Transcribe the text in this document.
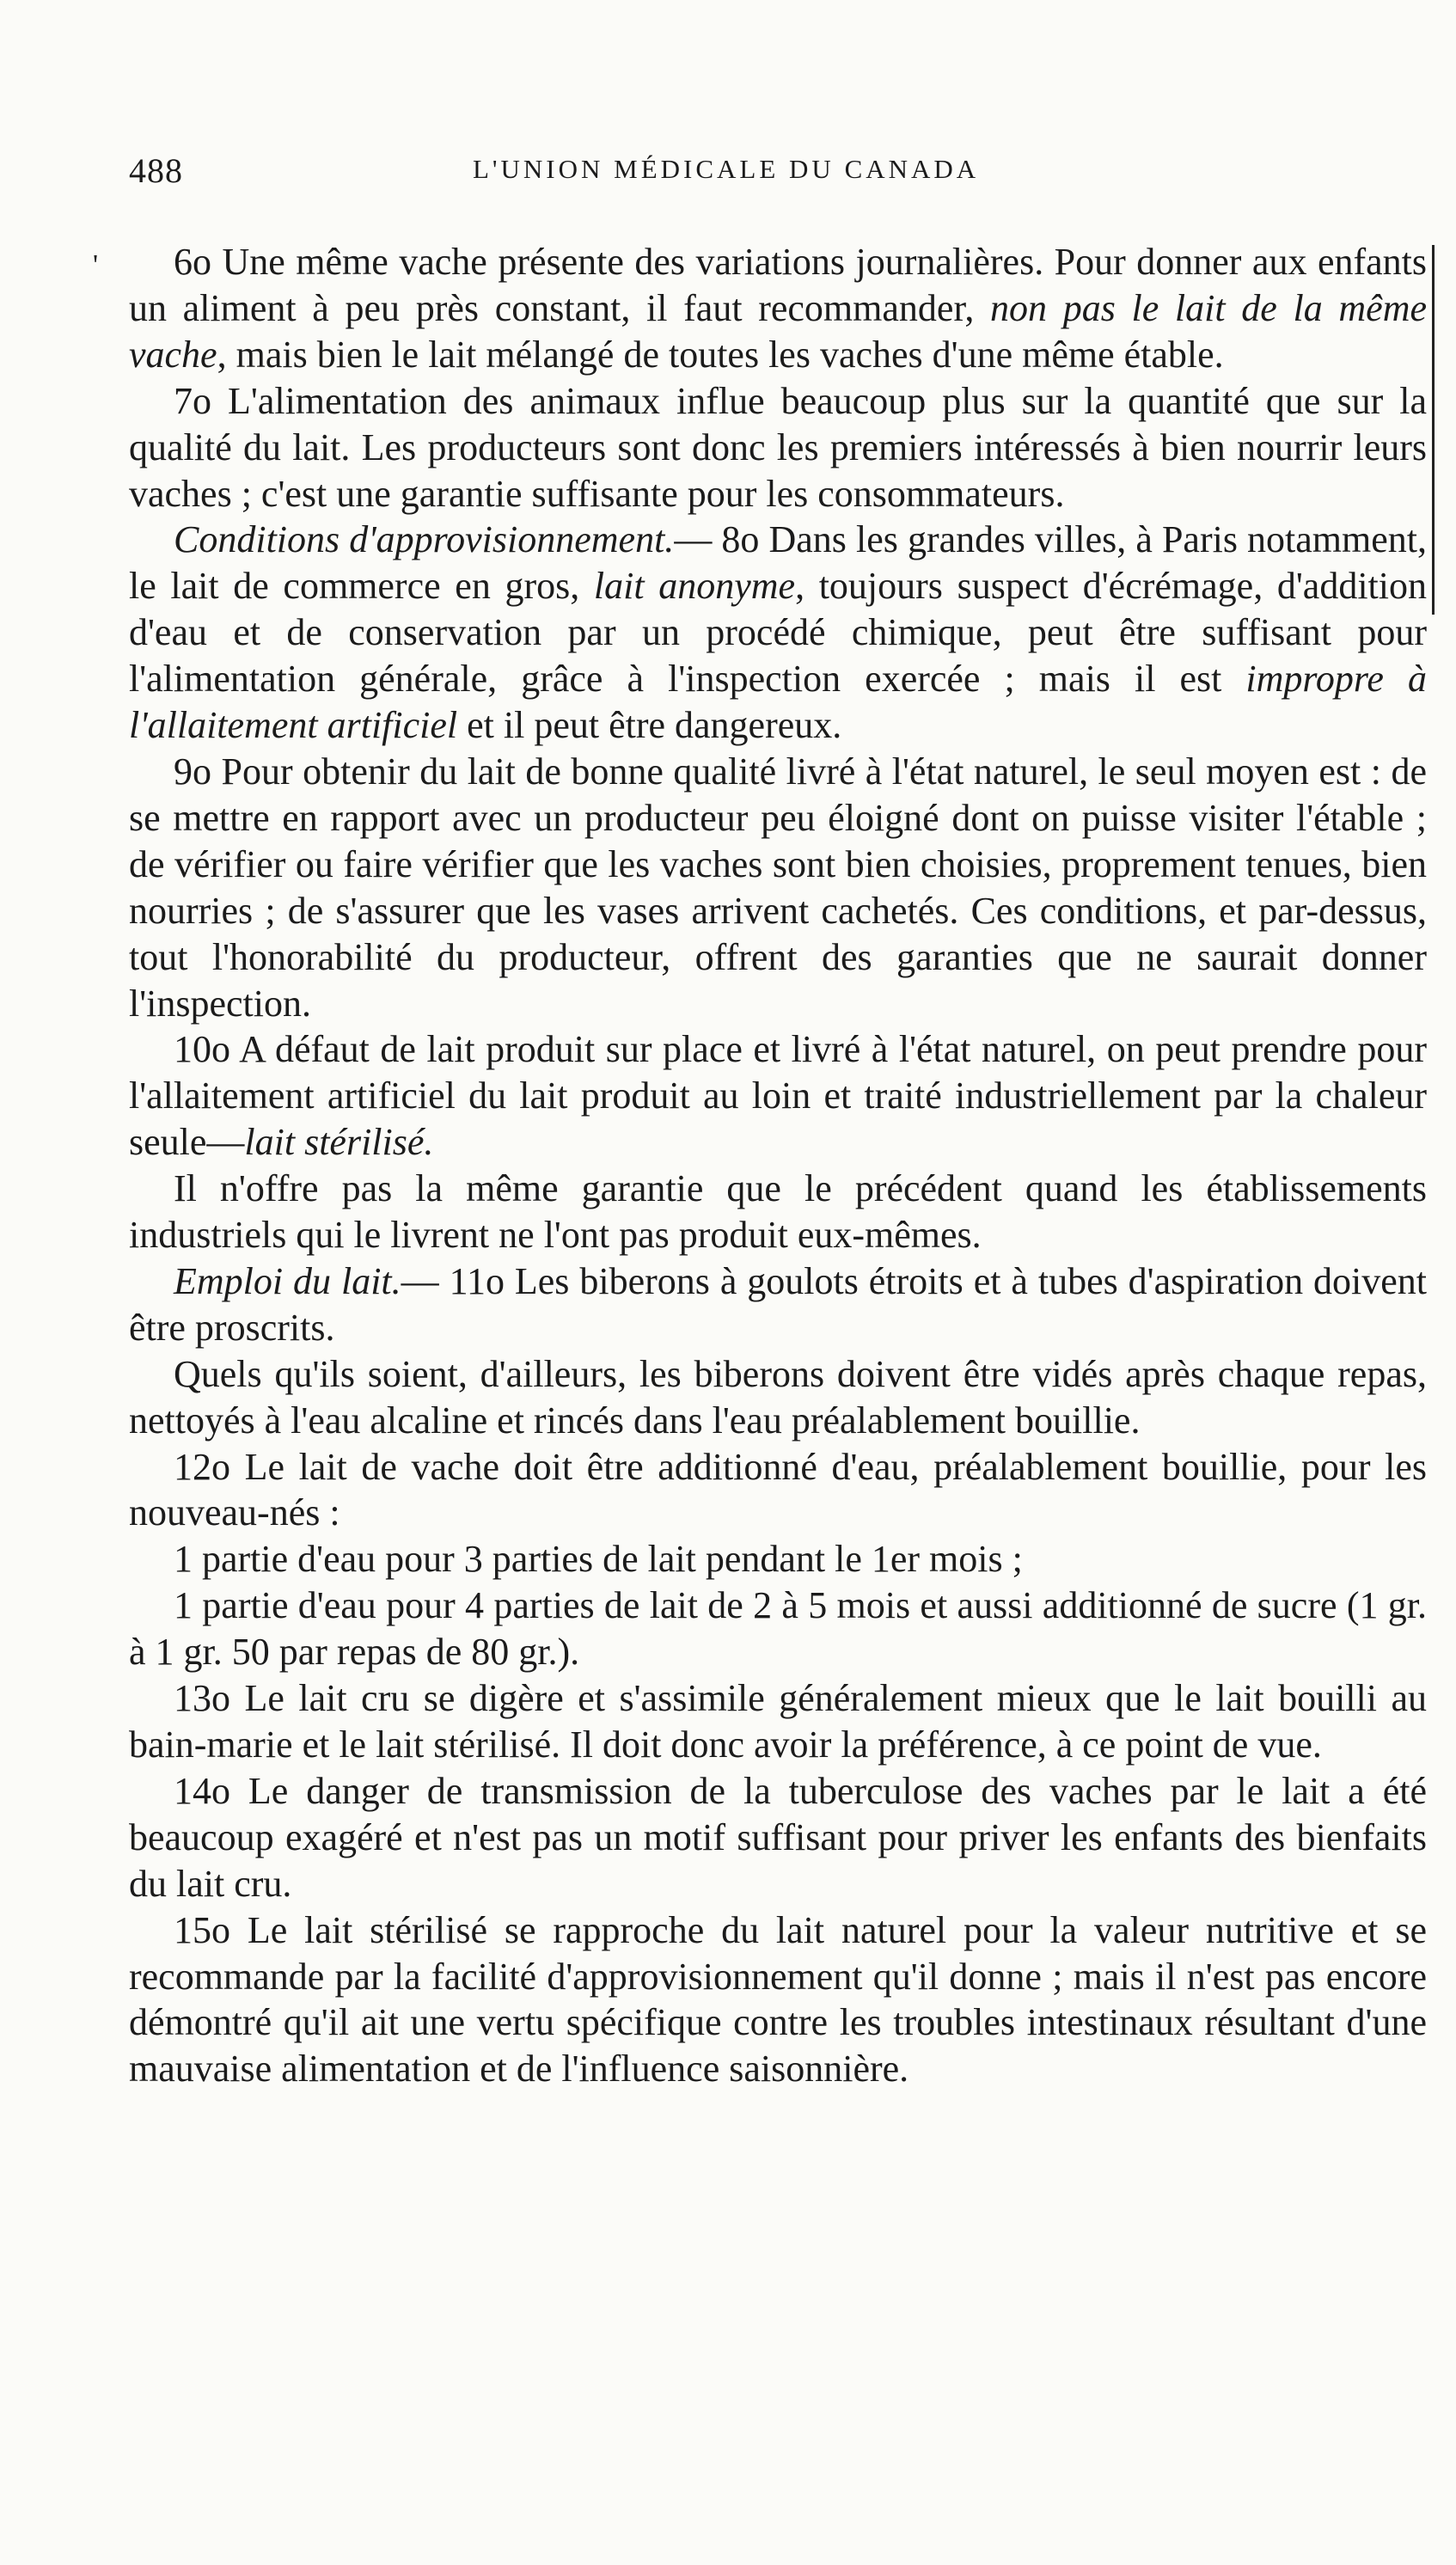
488	L'UNION MÉDICALE DU CANADA
'	6o Une même vache présente des variations journalières. Pour donner aux enfants un aliment à peu près constant, il faut recommander, non pas le lait de la même vache, mais bien le lait mélangé de toutes les vaches d'une même étable.

7o L'alimentation des animaux influe beaucoup plus sur la quantité que sur la qualité du lait. Les producteurs sont donc les premiers intéressés à bien nourrir leurs vaches ; c'est une garantie suffisante pour les consommateurs.

Conditions d'approvisionnement.— 8o Dans les grandes villes, à Paris notamment, le lait de commerce en gros, lait anonyme, toujours suspect d'écrémage, d'addition d'eau et de conservation par un procédé chimique, peut être suffisant pour l'alimentation générale, grâce à l'inspection exercée ; mais il est impropre à l'allaitement artificiel et il peut être dangereux.

9o Pour obtenir du lait de bonne qualité livré à l'état naturel, le seul moyen est : de se mettre en rapport avec un producteur peu éloigné dont on puisse visiter l'étable ; de vérifier ou faire vérifier que les vaches sont bien choisies, proprement tenues, bien nourries ; de s'assurer que les vases arrivent cachetés. Ces conditions, et par-dessus, tout l'honorabilité du producteur, offrent des garanties que ne saurait donner l'inspection.

10o A défaut de lait produit sur place et livré à l'état naturel, on peut prendre pour l'allaitement artificiel du lait produit au loin et traité industriellement par la chaleur seule—lait stérilisé.

Il n'offre pas la même garantie que le précédent quand les établissements industriels qui le livrent ne l'ont pas produit eux-mêmes.

Emploi du lait.— 11o Les biberons à goulots étroits et à tubes d'aspiration doivent être proscrits.

Quels qu'ils soient, d'ailleurs, les biberons doivent être vidés après chaque repas, nettoyés à l'eau alcaline et rincés dans l'eau préalablement bouillie.

12o Le lait de vache doit être additionné d'eau, préalablement bouillie, pour les nouveau-nés :

1 partie d'eau pour 3 parties de lait pendant le 1er mois ;

1 partie d'eau pour 4 parties de lait de 2 à 5 mois et aussi additionné de sucre (1 gr. à 1 gr. 50 par repas de 80 gr.).

13o Le lait cru se digère et s'assimile généralement mieux que le lait bouilli au bain-marie et le lait stérilisé. Il doit donc avoir la préférence, à ce point de vue.

14o Le danger de transmission de la tuberculose des vaches par le lait a été beaucoup exagéré et n'est pas un motif suffisant pour priver les enfants des bienfaits du lait cru.

15o Le lait stérilisé se rapproche du lait naturel pour la valeur nutritive et se recommande par la facilité d'approvisionnement qu'il donne ; mais il n'est pas encore démontré qu'il ait une vertu spécifique contre les troubles intestinaux résultant d'une mauvaise alimentation et de l'influence saisonnière.
